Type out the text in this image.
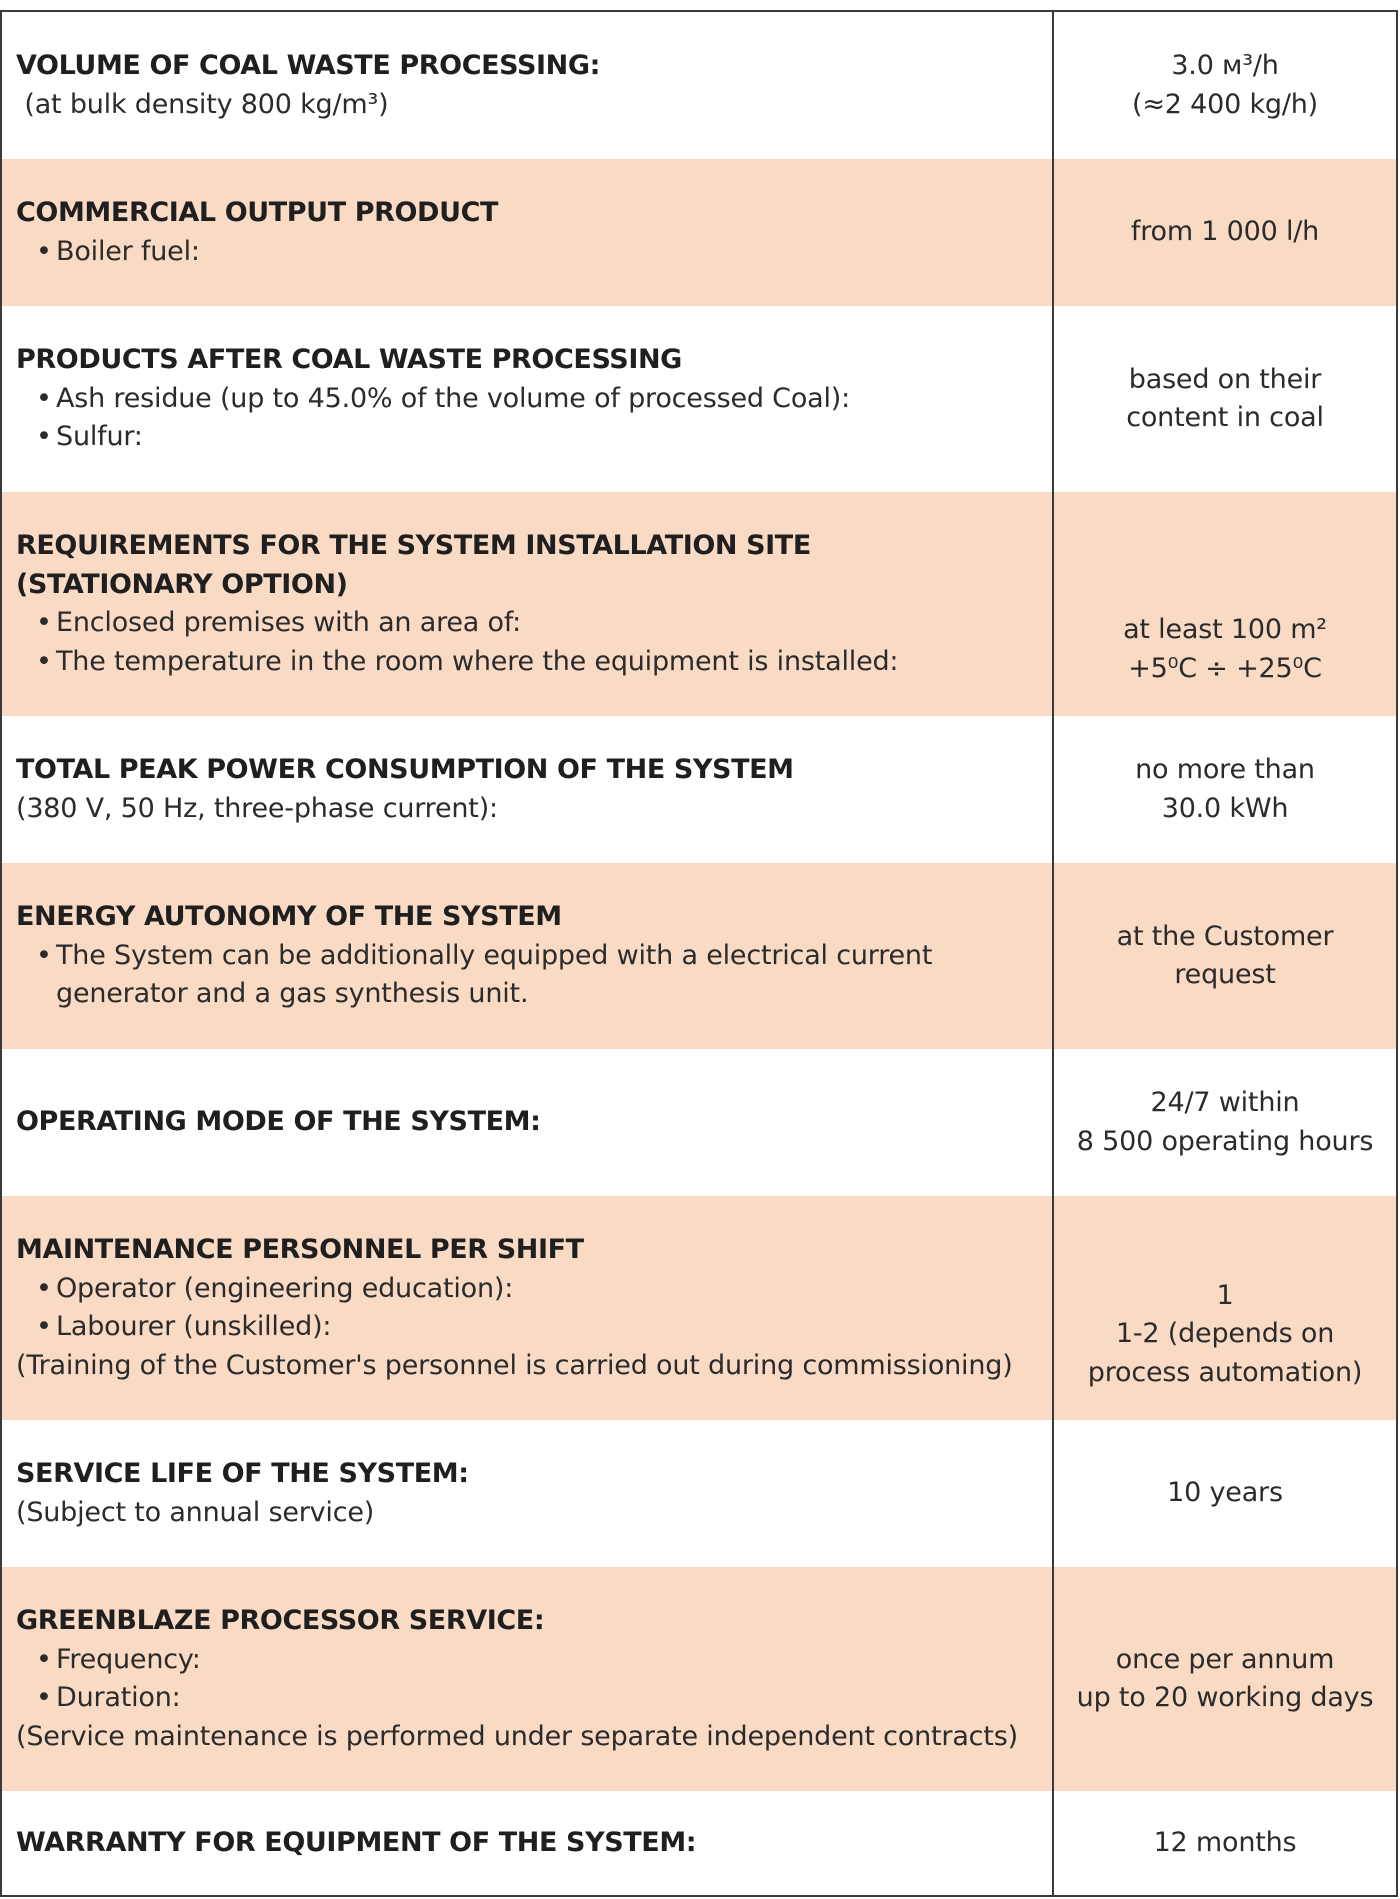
VOLUME OF COAL WASTE PROCESSING:
(at bulk density 800 kg/m³)
3.0 м³/h
(≈2 400 kg/h)
COMMERCIAL OUTPUT PRODUCT
• Boiler fuel:
from 1 000 l/h
PRODUCTS AFTER COAL WASTE PROCESSING
• Ash residue (up to 45.0% of the volume of processed Coal):
• Sulfur:
based on their
content in coal
REQUIREMENTS FOR THE SYSTEM INSTALLATION SITE
(STATIONARY OPTION)
• Enclosed premises with an area of:
• The temperature in the room where the equipment is installed:
at least 100 m²
+5⁰C ÷ +25⁰C
TOTAL PEAK POWER CONSUMPTION OF THE SYSTEM
(380 V, 50 Hz, three-phase current):
no more than
30.0 kWh
ENERGY AUTONOMY OF THE SYSTEM
• The System can be additionally equipped with a electrical current
generator and a gas synthesis unit.
at the Customer
request
OPERATING MODE OF THE SYSTEM:
24/7 within
8 500 operating hours
MAINTENANCE PERSONNEL PER SHIFT
• Operator (engineering education):
• Labourer (unskilled):
(Training of the Customer's personnel is carried out during commissioning)
1
1-2 (depends on
process automation)
SERVICE LIFE OF THE SYSTEM:
(Subject to annual service)
10 years
GREENBLAZE PROCESSOR SERVICE:
• Frequency:
• Duration:
(Service maintenance is performed under separate independent contracts)
once per annum
up to 20 working days
WARRANTY FOR EQUIPMENT OF THE SYSTEM:	12 months
